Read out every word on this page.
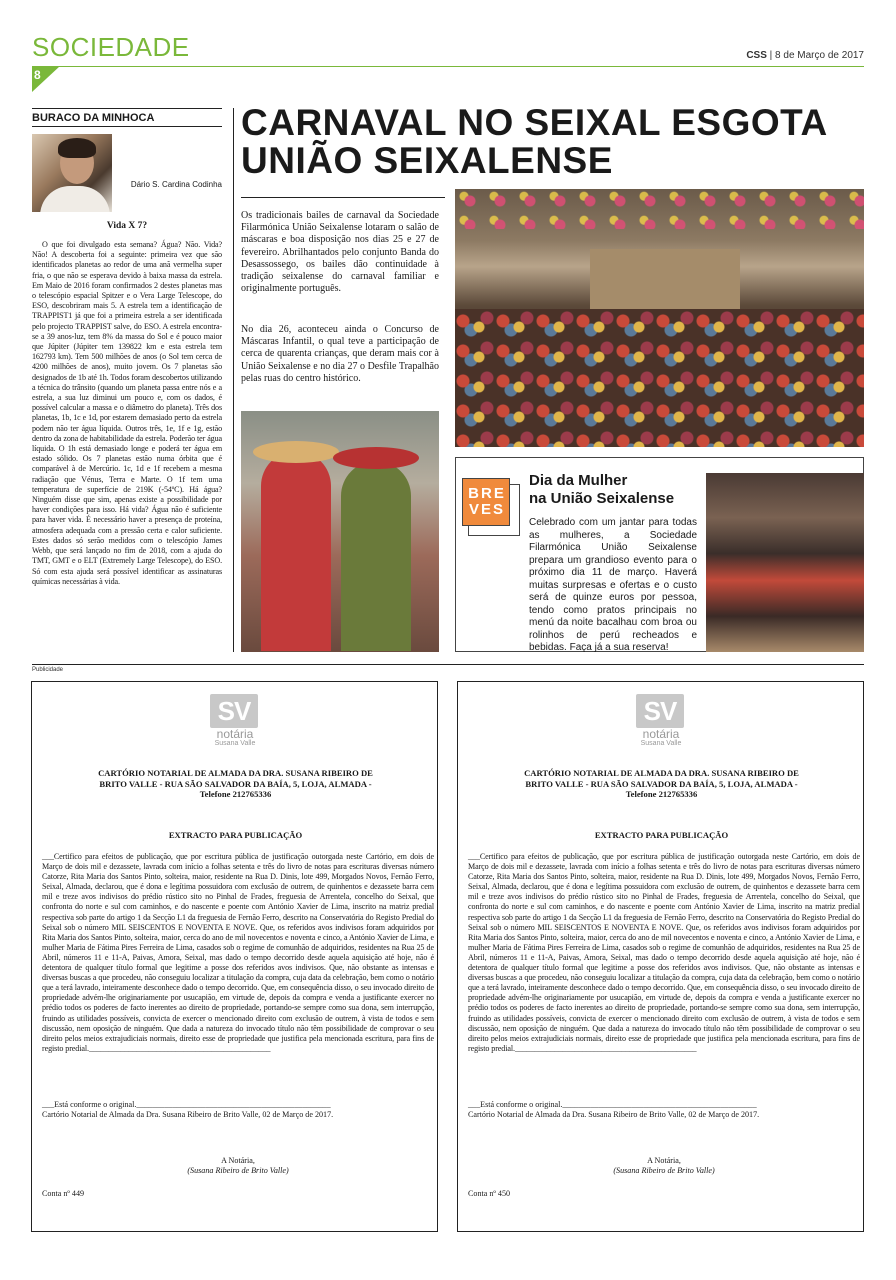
SOCIEDADE
8
CSS | 8 de Março de 2017
BURACO DA MINHOCA
Dário S. Cardina Codinha
Vida X 7?

O que foi divulgado esta semana? Água? Não. Vida? Não! A descoberta foi a seguinte: primeira vez que são identificados planetas ao redor de uma anã vermelha super fria, o que não se esperava devido à baixa massa da estrela. Em Maio de 2016 foram confirmados 2 destes planetas mas o telescópio espacial Spitzer e o Vera Large Telescope, do ESO, descobriram mais 5. A estrela tem a identificação de TRAPPIST1 já que foi a primeira estrela a ser identificada pelo projecto TRAPPIST salve, do ESO. A estrela encontra-se a 39 anos-luz, tem 8% da massa do Sol e é pouco maior que Júpiter (Júpiter tem 139822 km e esta estrela tem 162793 km). Tem 500 milhões de anos (o Sol tem cerca de 4200 milhões de anos), muito jovem. Os 7 planetas são designados de 1b até 1h. Todos foram descobertos utilizando a técnica do trânsito (quando um planeta passa entre nós e a estrela, a sua luz diminui um pouco e, com os dados, é possível calcular a massa e o diâmetro do planeta). Três dos planetas, 1b, 1c e 1d, por estarem demasiado perto da estrela podem não ter água líquida. Outros três, 1e, 1f e 1g, estão dentro da zona de habitabilidade da estrela. Poderão ter água líquida. O 1h está demasiado longe e poderá ter água em estado sólido. Os 7 planetas estão numa órbita que é comparável à de Mercúrio. 1c, 1d e 1f recebem a mesma radiação que Vénus, Terra e Marte. O 1f tem uma temperatura de superfície de 219K (-54ºC). Há água? Ninguém disse que sim, apenas existe a possibilidade por haver condições para isso. Há vida? Água não é suficiente para haver vida. É necessário haver a presença de proteína, atmosfera adequada com a pressão certa e calor suficiente. Estes dados só serão medidos com o telescópio James Webb, que será lançado no fim de 2018, com a ajuda do TMT, GMT e o ELT (Extremely Large Telescope), do ESO. Só com esta ajuda será possível identificar as assinaturas químicas necessárias à vida.

CARNAVAL NO SEIXAL ESGOTA UNIÃO SEIXALENSE

Os tradicionais bailes de carnaval da Sociedade Filarmónica União Seixalense lotaram o salão de máscaras e boa disposição nos dias 25 e 27 de fevereiro. Abrilhantados pelo conjunto Banda do Desassossego, os bailes dão continuidade à tradição seixalense do carnaval familiar e originalmente português.

No dia 26, aconteceu ainda o Concurso de Máscaras Infantil, o qual teve a participação de cerca de quarenta crianças, que deram mais cor à União Seixalense e no dia 27 o Desfile Trapalhão pelas ruas do centro histórico.

BRE
VES
Dia da Mulher
na União Seixalense

Celebrado com um jantar para todas as mulheres, a Sociedade Filarmónica União Seixalense prepara um grandioso evento para o próximo dia 11 de março. Haverá muitas surpresas e ofertas e o custo será de quinze euros por pessoa, tendo como pratos principais no menú da noite bacalhau com broa ou rolinhos de perú recheados e bebidas. Faça já a sua reserva!

Publicidade
SV
notária
Susana Valle
CARTÓRIO NOTARIAL DE ALMADA DA DRA. SUSANA RIBEIRO DE
BRITO VALLE - RUA SÃO SALVADOR DA BAÍA, 5, LOJA, ALMADA -
Telefone 212765336
EXTRACTO PARA PUBLICAÇÃO

___Certifico para efeitos de publicação, que por escritura pública de justificação outorgada neste Cartório, em dois de Março de dois mil e dezassete, lavrada com início a folhas setenta e três do livro de notas para escrituras diversas número Catorze, Rita Maria dos Santos Pinto, solteira, maior, residente na Rua D. Dinis, lote 499, Morgados Novos, Fernão Ferro, Seixal, Almada, declarou, que é dona e legítima possuidora com exclusão de outrem, de quinhentos e dezassete barra cem mil e treze avos indivisos do prédio rústico sito no Pinhal de Frades, freguesia de Arrentela, concelho do Seixal, que confronta do norte e sul com caminhos, e do nascente e poente com António Xavier de Lima, inscrito na matriz predial respectiva sob parte do artigo 1 da Secção L1 da freguesia de Fernão Ferro, descrito na Conservatória do Registo Predial do Seixal sob o número MIL SEISCENTOS E NOVENTA E NOVE. Que, os referidos avos indivisos foram adquiridos por Rita Maria dos Santos Pinto, solteira, maior, cerca do ano de mil novecentos e noventa e cinco, a António Xavier de Lima, e mulher Maria de Fátima Pires Ferreira de Lima, casados sob o regime de comunhão de adquiridos, residentes na Rua 25 de Abril, números 11 e 11-A, Paivas, Amora, Seixal, mas dado o tempo decorrido desde aquela aquisição até hoje, não é detentora de qualquer título formal que legitime a posse dos referidos avos indivisos. Que, não obstante as intensas e diversas buscas a que procedeu, não conseguiu localizar a titulação da compra, cuja data da celebração, bem como o notário que a terá lavrado, inteiramente desconhece dado o tempo decorrido. Que, em consequência disso, o seu invocado direito de propriedade advém-lhe originariamente por usucapião, em virtude de, depois da compra e venda a justificante exercer no prédio todos os poderes de facto inerentes ao direito de propriedade, portando-se sempre como sua dona, sem interrupção, fruindo as utilidades possíveis, convicta de exercer o mencionado direito com exclusão de outrem, à vista de todos e sem discussão, nem oposição de ninguém. Que dada a natureza do invocado título não têm possibilidade de comprovar o seu direito pelos meios extrajudiciais normais, direito esse de propriedade que justifica pela mencionada escritura, para fins de registo predial.______________________________________________

___Está conforme o original.________________________________________________
Cartório Notarial de Almada da Dra. Susana Ribeiro de Brito Valle, 02 de Março de 2017.
A Notária,
(Susana Ribeiro de Brito Valle)
Conta nº 449
SV
notária
Susana Valle
CARTÓRIO NOTARIAL DE ALMADA DA DRA. SUSANA RIBEIRO DE
BRITO VALLE - RUA SÃO SALVADOR DA BAÍA, 5, LOJA, ALMADA -
Telefone 212765336
EXTRACTO PARA PUBLICAÇÃO

___Certifico para efeitos de publicação, que por escritura pública de justificação outorgada neste Cartório, em dois de Março de dois mil e dezassete, lavrada com início a folhas setenta e três do livro de notas para escrituras diversas número Catorze, Rita Maria dos Santos Pinto, solteira, maior, residente na Rua D. Dinis, lote 499, Morgados Novos, Fernão Ferro, Seixal, Almada, declarou, que é dona e legítima possuidora com exclusão de outrem, de quinhentos e dezassete barra cem mil e treze avos indivisos do prédio rústico sito no Pinhal de Frades, freguesia de Arrentela, concelho do Seixal, que confronta do norte e sul com caminhos, e do nascente e poente com António Xavier de Lima, inscrito na matriz predial respectiva sob parte do artigo 1 da Secção L1 da freguesia de Fernão Ferro, descrito na Conservatória do Registo Predial do Seixal sob o número MIL SEISCENTOS E NOVENTA E NOVE. Que, os referidos avos indivisos foram adquiridos por Rita Maria dos Santos Pinto, solteira, maior, cerca do ano de mil novecentos e noventa e cinco, a António Xavier de Lima, e mulher Maria de Fátima Pires Ferreira de Lima, casados sob o regime de comunhão de adquiridos, residentes na Rua 25 de Abril, números 11 e 11-A, Paivas, Amora, Seixal, mas dado o tempo decorrido desde aquela aquisição até hoje, não é detentora de qualquer título formal que legitime a posse dos referidos avos indivisos. Que, não obstante as intensas e diversas buscas a que procedeu, não conseguiu localizar a titulação da compra, cuja data da celebração, bem como o notário que a terá lavrado, inteiramente desconhece dado o tempo decorrido. Que, em consequência disso, o seu invocado direito de propriedade advém-lhe originariamente por usucapião, em virtude de, depois da compra e venda a justificante exercer no prédio todos os poderes de facto inerentes ao direito de propriedade, portando-se sempre como sua dona, sem interrupção, fruindo as utilidades possíveis, convicta de exercer o mencionado direito com exclusão de outrem, à vista de todos e sem discussão, nem oposição de ninguém. Que dada a natureza do invocado título não têm possibilidade de comprovar o seu direito pelos meios extrajudiciais normais, direito esse de propriedade que justifica pela mencionada escritura, para fins de registo predial.______________________________________________

___Está conforme o original.________________________________________________
Cartório Notarial de Almada da Dra. Susana Ribeiro de Brito Valle, 02 de Março de 2017.
A Notária,
(Susana Ribeiro de Brito Valle)
Conta nº 450
